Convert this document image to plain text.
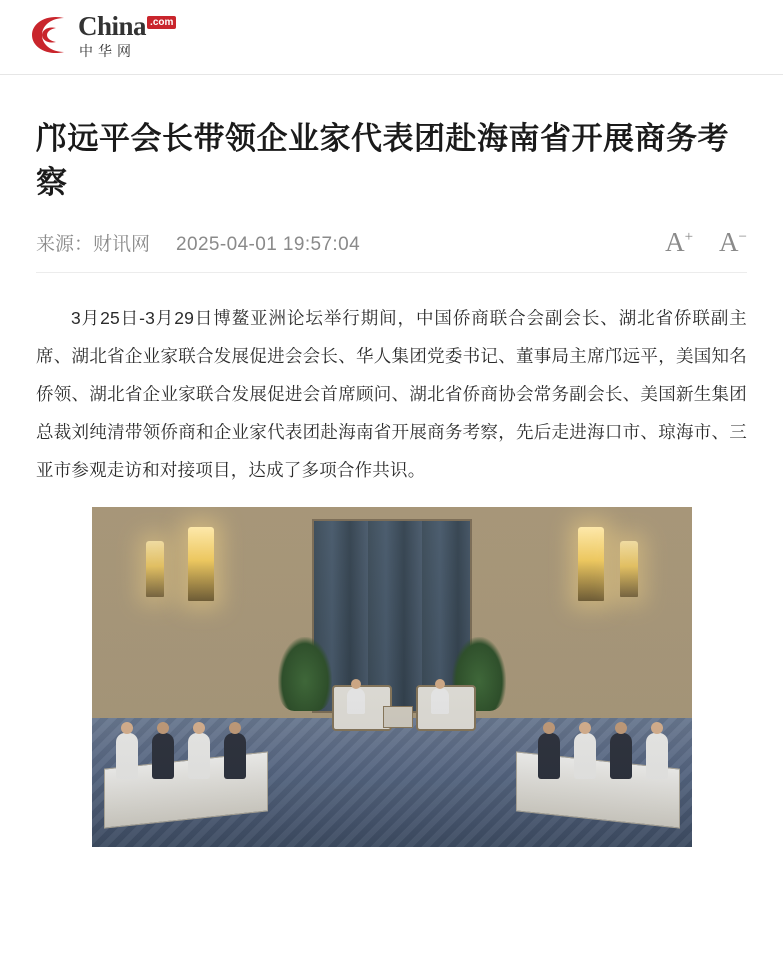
China $^{.com}$
中华网
邝远平会长带领企业家代表团赴海南省开展商务考察
来源：财讯网 2025-04-01 19:57:04	A+ A−

3月25日-3月29日博鳌亚洲论坛举行期间，中国侨商联合会副会长、湖北省侨联副主席、湖北省企业家联合发展促进会会长、华人集团党委书记、董事局主席邝远平，美国知名侨领、湖北省企业家联合发展促进会首席顾问、湖北省侨商协会常务副会长、美国新生集团总裁刘纯清带领侨商和企业家代表团赴海南省开展商务考察，先后走进海口市、琼海市、三亚市参观走访和对接项目，达成了多项合作共识。
